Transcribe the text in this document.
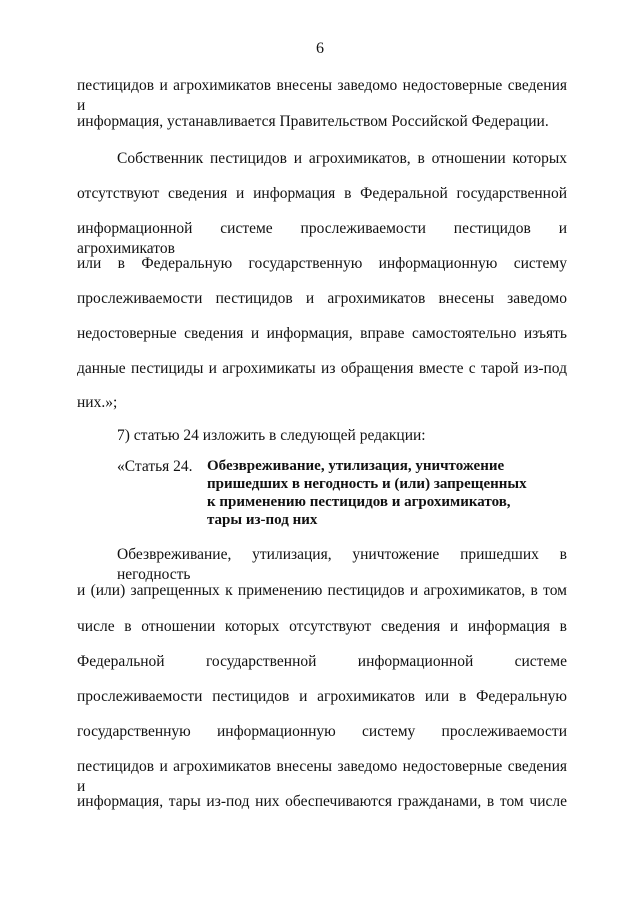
6
пестицидов и агрохимикатов внесены заведомо недостоверные сведения и
информация, устанавливается Правительством Российской Федерации.
Собственник пестицидов и агрохимикатов, в отношении которых
отсутствуют сведения и информация в Федеральной государственной
информационной системе прослеживаемости пестицидов и агрохимикатов
или в Федеральную государственную информационную систему
прослеживаемости пестицидов и агрохимикатов внесены заведомо
недостоверные сведения и информация, вправе самостоятельно изъять
данные пестициды и агрохимикаты из обращения вместе с тарой из-под
них.»;
7) статью 24 изложить в следующей редакции:
«Статья 24. Обезвреживание, утилизация, уничтожение
пришедших в негодность и (или) запрещенных
к применению пестицидов и агрохимикатов,
тары из-под них
Обезвреживание, утилизация, уничтожение пришедших в негодность
и (или) запрещенных к применению пестицидов и агрохимикатов, в том
числе в отношении которых отсутствуют сведения и информация в
Федеральной государственной информационной системе
прослеживаемости пестицидов и агрохимикатов или в Федеральную
государственную информационную систему прослеживаемости
пестицидов и агрохимикатов внесены заведомо недостоверные сведения и
информация, тары из-под них обеспечиваются гражданами, в том числе
